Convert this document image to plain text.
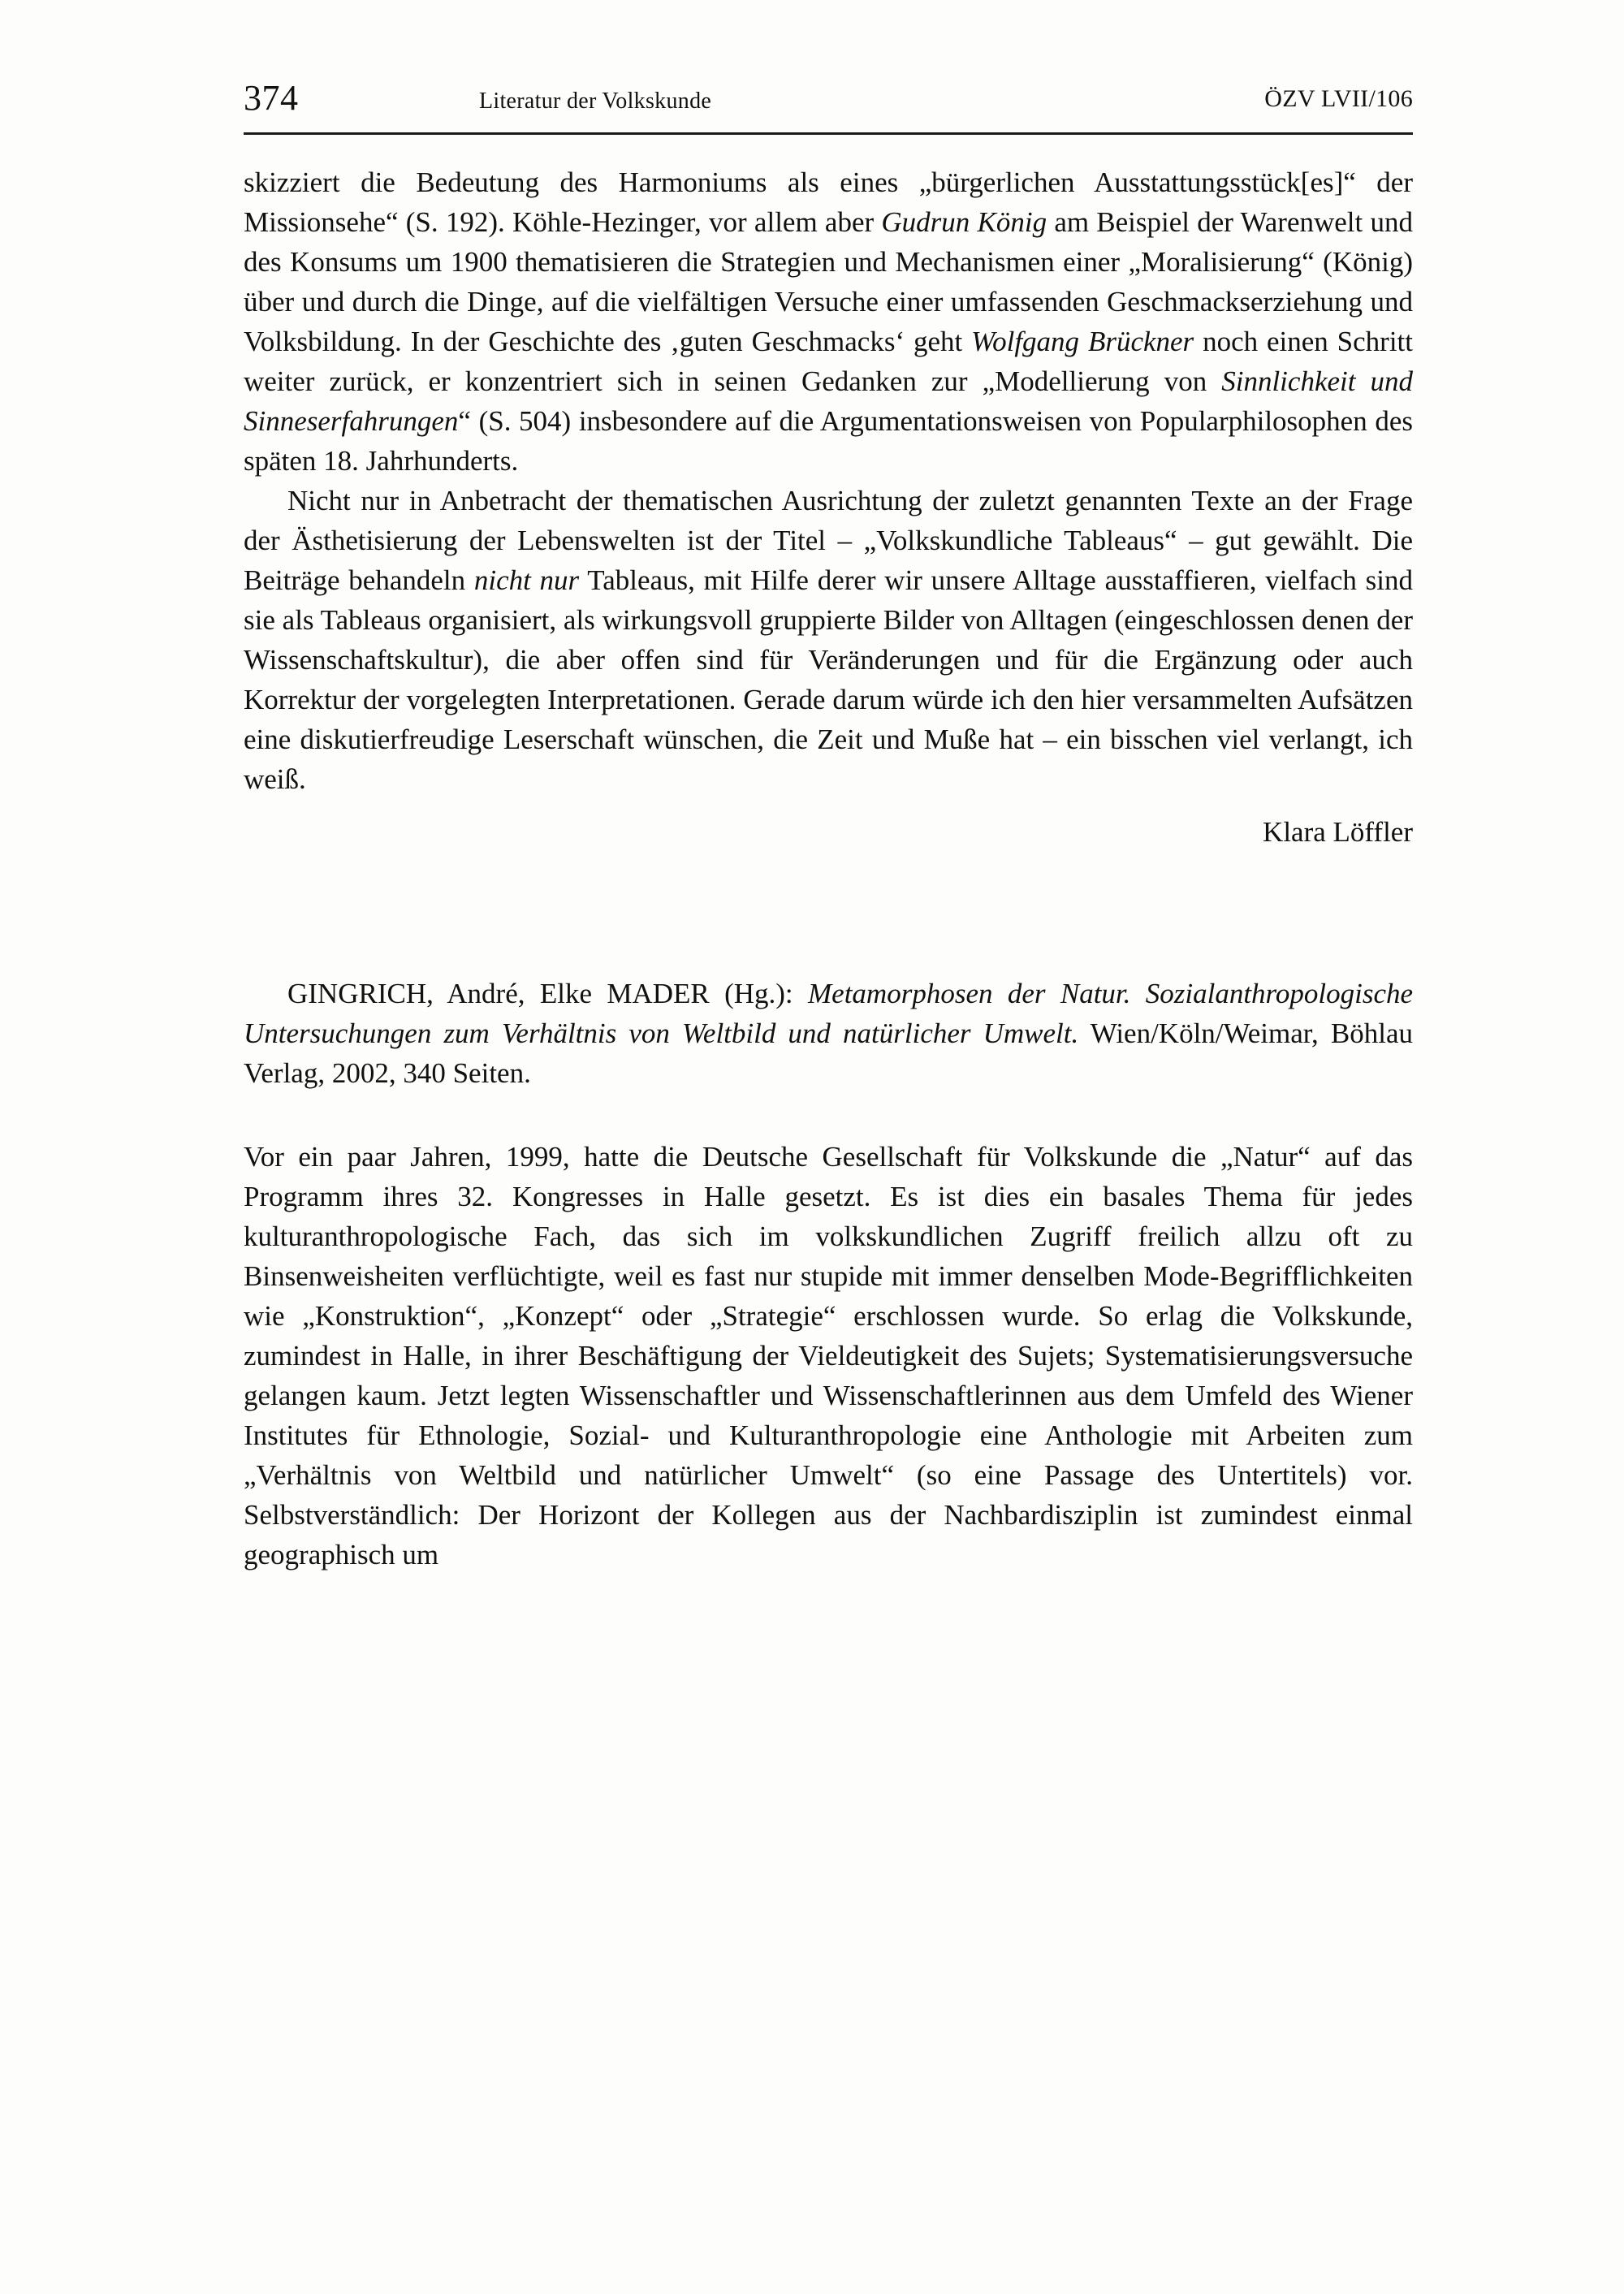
374	Literatur der Volkskunde	ÖZV LVII/106

skizziert die Bedeutung des Harmoniums als eines „bürgerlichen Ausstattungsstück[es]“ der Missionsehe“ (S. 192). Köhle-Hezinger, vor allem aber Gudrun König am Beispiel der Warenwelt und des Konsums um 1900 thematisieren die Strategien und Mechanismen einer „Moralisierung“ (König) über und durch die Dinge, auf die vielfältigen Versuche einer umfassenden Geschmackserziehung und Volksbildung. In der Geschichte des ‚guten Geschmacks‘ geht Wolfgang Brückner noch einen Schritt weiter zurück, er konzentriert sich in seinen Gedanken zur „Modellierung von Sinnlichkeit und Sinneserfahrungen“ (S. 504) insbesondere auf die Argumentationsweisen von Popularphilosophen des späten 18. Jahrhunderts.

Nicht nur in Anbetracht der thematischen Ausrichtung der zuletzt genannten Texte an der Frage der Ästhetisierung der Lebenswelten ist der Titel – „Volkskundliche Tableaus“ – gut gewählt. Die Beiträge behandeln nicht nur Tableaus, mit Hilfe derer wir unsere Alltage ausstaffieren, vielfach sind sie als Tableaus organisiert, als wirkungsvoll gruppierte Bilder von Alltagen (eingeschlossen denen der Wissenschaftskultur), die aber offen sind für Veränderungen und für die Ergänzung oder auch Korrektur der vorgelegten Interpretationen. Gerade darum würde ich den hier versammelten Aufsätzen eine diskutierfreudige Leserschaft wünschen, die Zeit und Muße hat – ein bisschen viel verlangt, ich weiß.

Klara Löffler
GINGRICH, André, Elke MADER (Hg.): Metamorphosen der Natur. Sozialanthropologische Untersuchungen zum Verhältnis von Weltbild und natürlicher Umwelt. Wien/Köln/Weimar, Böhlau Verlag, 2002, 340 Seiten.

Vor ein paar Jahren, 1999, hatte die Deutsche Gesellschaft für Volkskunde die „Natur“ auf das Programm ihres 32. Kongresses in Halle gesetzt. Es ist dies ein basales Thema für jedes kulturanthropologische Fach, das sich im volkskundlichen Zugriff freilich allzu oft zu Binsenweisheiten verflüchtigte, weil es fast nur stupide mit immer denselben Mode-Begrifflichkeiten wie „Konstruktion“, „Konzept“ oder „Strategie“ erschlossen wurde. So erlag die Volkskunde, zumindest in Halle, in ihrer Beschäftigung der Vieldeutigkeit des Sujets; Systematisierungsversuche gelangen kaum. Jetzt legten Wissenschaftler und Wissenschaftlerinnen aus dem Umfeld des Wiener Institutes für Ethnologie, Sozial- und Kulturanthropologie eine Anthologie mit Arbeiten zum „Verhältnis von Weltbild und natürlicher Umwelt“ (so eine Passage des Untertitels) vor. Selbstverständlich: Der Horizont der Kollegen aus der Nachbardisziplin ist zumindest einmal geographisch um
